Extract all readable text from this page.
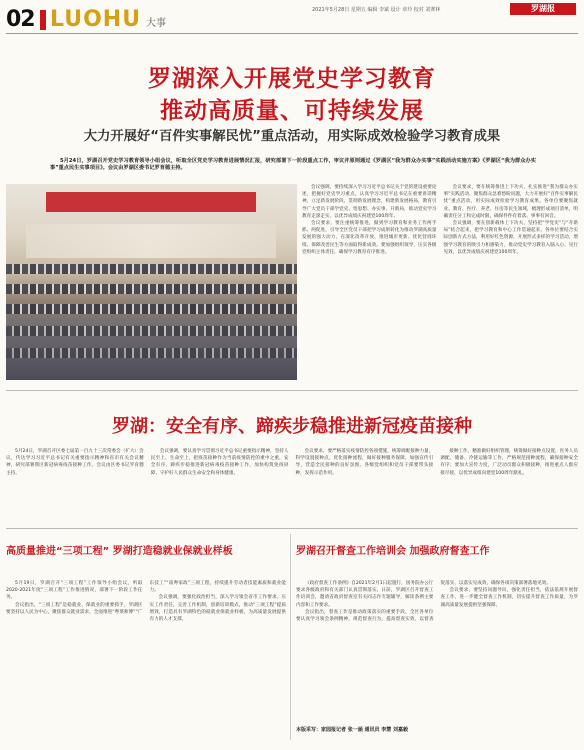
02 LUOHU 大事
2021年5月28日 星期五 编辑 李斌 设计 章玲 校对 刘赛林	罗湖报
罗湖深入开展党史学习教育
推动高质量、可持续发展
大力开展好“百件实事解民忧”重点活动，用实际成效检验学习教育成果
5月24日，罗湖召开党史学习教育领导小组会议，听取全区党史学习教育进展情况汇报，研究部署下一阶段重点工作，审议并原则通过《罗湖区“我为群众办实事”实践活动实施方案》《罗湖区“我为群众办实事”重点民生实事项目》。会议由罗湖区委书记罗育德主持。

会议强调，要持续深入学习习近平总书记关于党的建设重要论述，把握好党史学习重点，认真学习习近平总书记在重要讲话精神，立足新发展阶段，贯彻新发展理念，构建新发展格局，教育引导广大党员干部学党史、悟思想、办实事、开新局，推动党史学习教育走深走实，以优异成绩庆祝建党100周年。

会议要求，要注重统筹推进，做到学习教育和业务工作两手抓、两促进，引导全区党员干部把学习成果转化为推动罗湖高质量发展的强大动力，在深化改革开放、推进城市更新、优化营商环境、保障改善民生等方面取得新成效。要加强组织领导，压实各级党组织主体责任，确保学习教育有序推进。

会议要求，要在统筹推进上下功夫，扎实推进“我为群众办实事”实践活动，聚焦群众急难愁盼问题，大力开展好“百件实事解民忧”重点活动，用实际成效检验学习教育成果。各单位要聚焦就业、教育、医疗、养老、住房等民生领域，梳理形成项目清单，明确责任分工和完成时限，确保件件有着落、事事有回音。

会议强调，要在创新载体上下功夫，坚持把“学党史”与“开新局”结合起来，把学习教育和中心工作贯通起来，各单位要结合实际创新方式方法，利用好红色资源，开展形式多样的学习活动，增强学习教育的吸引力和感染力，推动党史学习教育入脑入心、见行见效，以优异成绩庆祝建党100周年。

罗湖：安全有序、蹄疾步稳推进新冠疫苗接种

5月24日，罗湖召开区委七届第一百九十三次常委会（扩大）会议，传达学习习近平总书记有关重要指示精神和省市有关会议精神，研究部署我区新冠病毒疫苗接种工作。会议由区委书记罗育德主持。

会议强调，要认真学习贯彻习近平总书记重要指示精神，坚持人民至上、生命至上，把疫苗接种作为当前疫情防控的重中之重，安全有序、蹄疾步稳推进新冠病毒疫苗接种工作，加快构筑免疫屏障，守护好人民群众生命安全和身体健康。

会议要求，要严格落实疫情防控各项措施，统筹调配接种力量，科学设置接种点，优化接种流程，做好接种服务保障，加强宣传引导，营造全民接种的良好氛围。各级党组织和党员干部要带头接种，发挥示范作用。

接种工作，精准做好组织管理，统筹做好接种点设置，医务人员调配、储备、冷链运输等工作，严格规范接种流程，确保接种安全有序；要加大宣传力度，广泛动员群众积极接种，推进重点人群应接尽接，以优异成绩向建党100周年献礼。

高质量推进“三项工程” 罗湖打造稳就业保就业样板

5月19日，罗湖召开“三项工程”工作领导小组会议，听取2020-2021年度“三项工程”工作推进情况，部署下一阶段工作任务。

会议指出，“三项工程”是稳就业、保就业的重要抓手，罗湖区要坚持以人民为中心，聚焦群众就业需求，全面推进“粤菜师傅”“广东技工”“南粤家政”三项工程，持续提升劳动者技能素质和就业能力。

会议强调，要强化政治担当，深入学习领会省市工作要求，压实工作责任，完善工作机制，创新培训模式，推动“三项工程”提质增效，打造具有罗湖特色的稳就业保就业样板，为高质量发展提供有力的人才支撑。

罗湖召开督查工作培训会 加强政府督查工作

《政府督查工作条例》自2021年2月1日起施行，国务院办公厅要求各级政府和有关部门认真贯彻落实。日前，罗湖区召开督查工作培训会，邀请省政府督查室有关同志作专题辅导，解读条例主要内容和工作要求。

会议指出，督查工作是推动政策落实的重要手段，全区各单位要认真学习领会条例精神，规范督查行为，提高督查实效，以督查促落实、以落实见成效，确保各项决策部署落地见效。

会议要求，要坚持问题导向，强化责任担当，依法依规开展督查工作，进一步健全督查工作机制，切实提升督查工作质量，为罗湖高质量发展提供坚强保障。

本版采写：家园报记者 张一涵 通讯员 李慧 刘嘉毅
